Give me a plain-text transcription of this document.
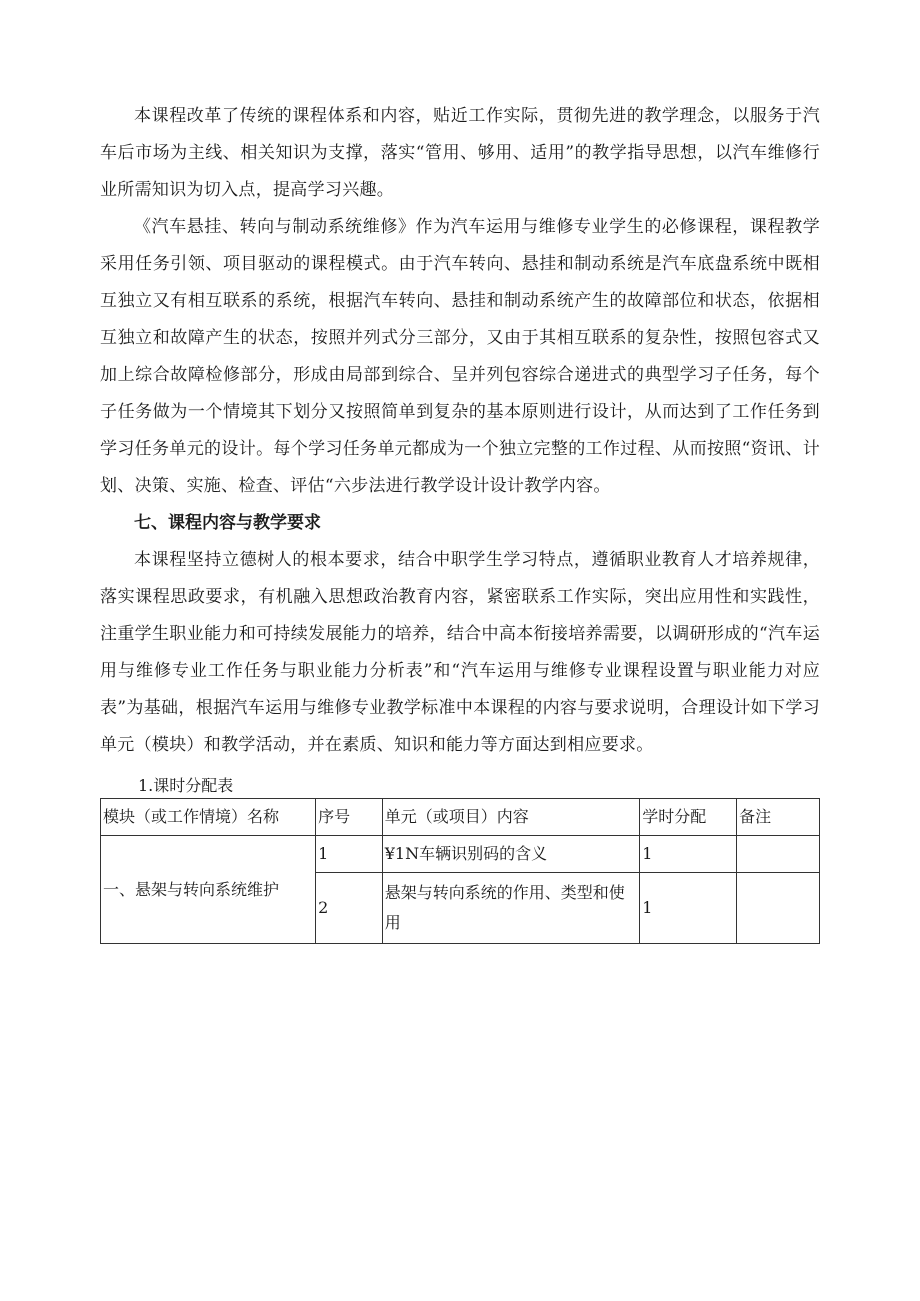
本课程改革了传统的课程体系和内容，贴近工作实际，贯彻先进的教学理念，以服务于汽车后市场为主线、相关知识为支撑，落实“管用、够用、适用”的教学指导思想，以汽车维修行业所需知识为切入点，提高学习兴趣。

《汽车悬挂、转向与制动系统维修》作为汽车运用与维修专业学生的必修课程，课程教学采用任务引领、项目驱动的课程模式。由于汽车转向、悬挂和制动系统是汽车底盘系统中既相互独立又有相互联系的系统，根据汽车转向、悬挂和制动系统产生的故障部位和状态，依据相互独立和故障产生的状态，按照并列式分三部分，又由于其相互联系的复杂性，按照包容式又加上综合故障检修部分，形成由局部到综合、呈并列包容综合递进式的典型学习子任务，每个子任务做为一个情境其下划分又按照简单到复杂的基本原则进行设计，从而达到了工作任务到学习任务单元的设计。每个学习任务单元都成为一个独立完整的工作过程、从而按照“资讯、计划、决策、实施、检查、评估“六步法进行教学设计设计教学内容。

七、课程内容与教学要求

本课程坚持立德树人的根本要求，结合中职学生学习特点，遵循职业教育人才培养规律，落实课程思政要求，有机融入思想政治教育内容，紧密联系工作实际，突出应用性和实践性，注重学生职业能力和可持续发展能力的培养，结合中高本衔接培养需要，以调研形成的“汽车运用与维修专业工作任务与职业能力分析表”和“汽车运用与维修专业课程设置与职业能力对应表”为基础，根据汽车运用与维修专业教学标准中本课程的内容与要求说明，合理设计如下学习单元（模块）和教学活动，并在素质、知识和能力等方面达到相应要求。

1.课时分配表

模块（或工作情境）名称	序号	单元（或项目）内容	学时分配	备注
一、悬架与转向系统维护	1	¥1N车辆识别码的含义	1	
	2	悬架与转向系统的作用、类型和使用	1	
